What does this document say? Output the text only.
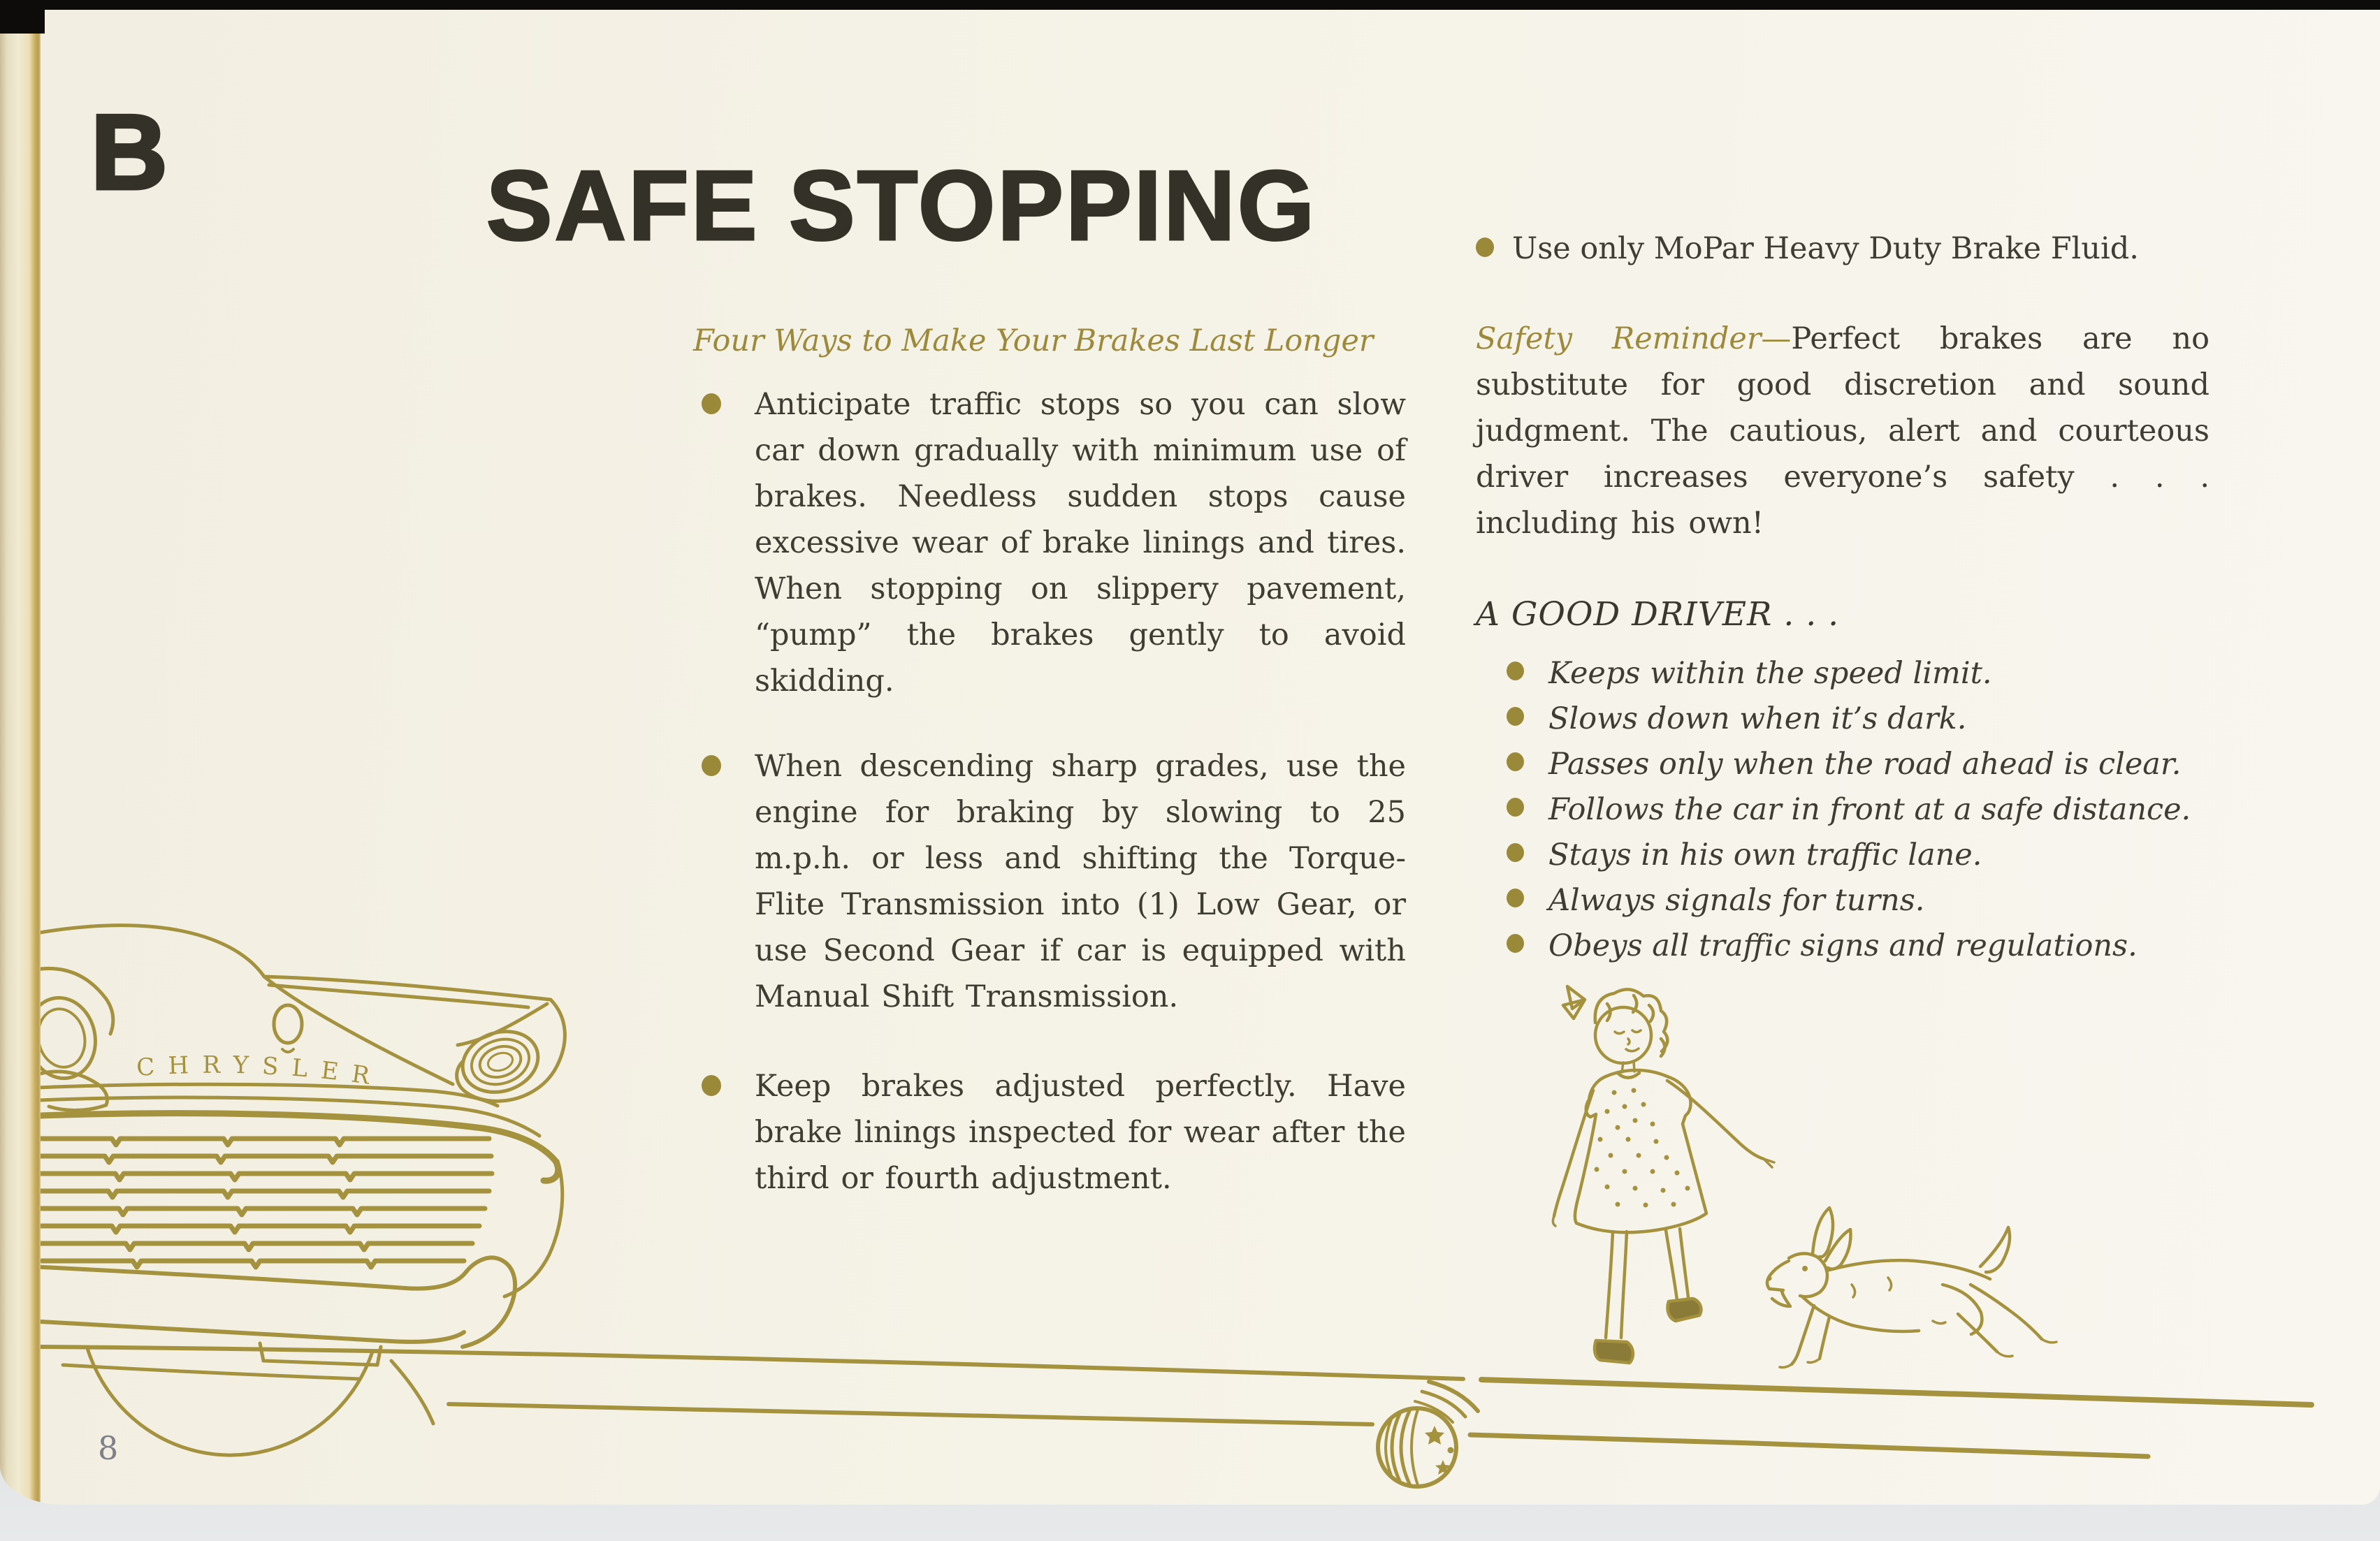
CHRYSLER
B	SAFE STOPPING
Four Ways to Make Your Brakes Last Longer
Anticipate traffic stops so you can slow car down gradually with minimum use of brakes. Needless sudden stops cause excessive wear of brake linings and tires. When stopping on slippery pavement, “pump” the brakes gently to avoid skidding.
When descending sharp grades, use the engine for braking by slowing to 25 m.p.h. or less and shifting the Torque-Flite Transmission into (1) Low Gear, or use Second Gear if car is equipped with Manual Shift Transmission.
Keep brakes adjusted perfectly. Have brake linings inspected for wear after the third or fourth adjustment.
Use only MoPar Heavy Duty Brake Fluid.

Safety Reminder—Perfect brakes are no substitute for good discretion and sound judgment. The cautious, alert and courteous driver increases everyone’s safety . . . including his own!

A GOOD DRIVER . . .
Keeps within the speed limit.
Slows down when it’s dark.
Passes only when the road ahead is clear.
Follows the car in front at a safe distance.
Stays in his own traffic lane.
Always signals for turns.
Obeys all traffic signs and regulations.
8
